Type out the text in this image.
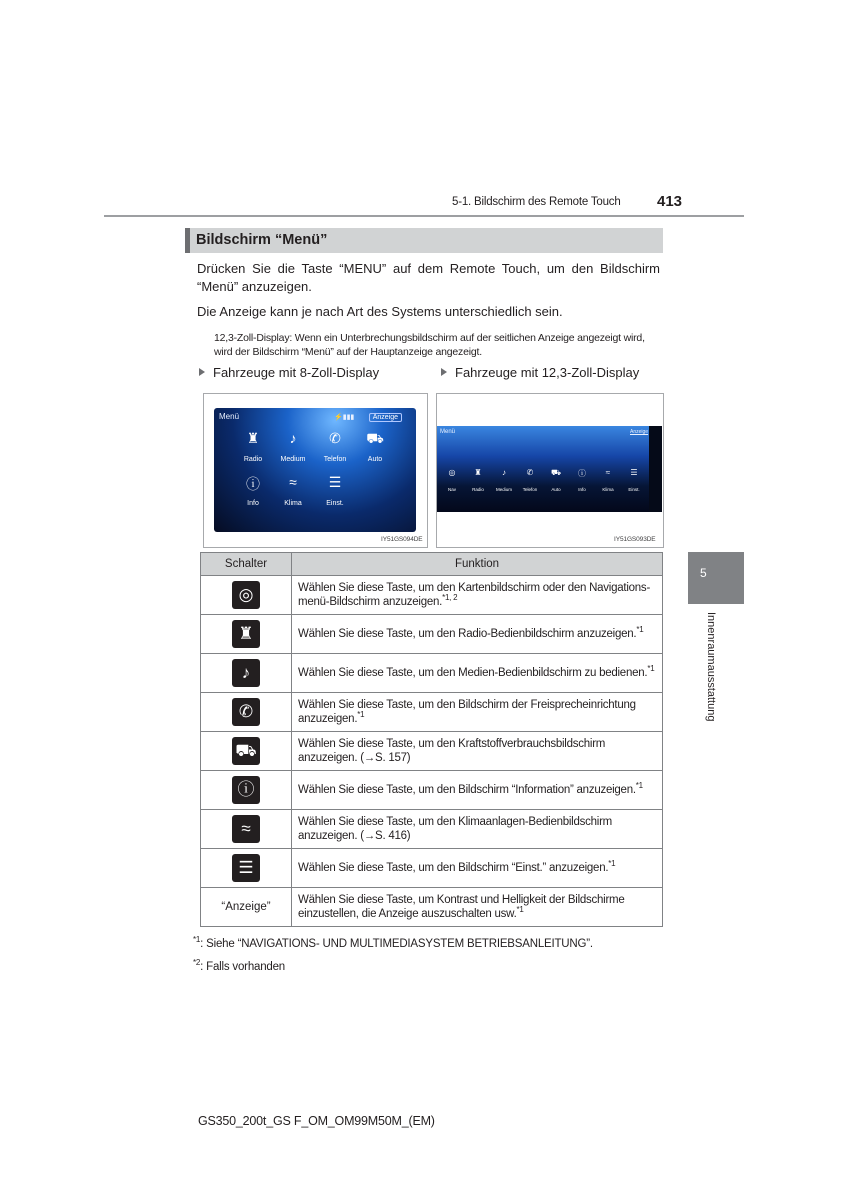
5-1. Bildschirm des Remote Touch 413
Bildschirm “Menü”
Drücken Sie die Taste “MENU” auf dem Remote Touch, um den Bildschirm “Menü” anzuzeigen.
Die Anzeige kann je nach Art des Systems unterschiedlich sein.
12,3-Zoll-Display: Wenn ein Unterbrechungsbildschirm auf der seitlichen Anzeige angezeigt wird, wird der Bildschirm “Menü” auf der Hauptanzeige angezeigt.
Fahrzeuge mit 8-Zoll-Display	Fahrzeuge mit 12,3-Zoll-Display
Menü	⚡▮▮▮	Anzeige
♜	♪	✆	⛟
Radio	Medium	Telefon	Auto
ⓘ	≈	☰
Info	Klima	Einst.
IY51GS094DE
Menü	Anzeige
◎	♜	♪	✆	⛟	ⓘ	≈	☰
Nav	Radio	Medium	Telefon	Auto	Info	Klima	Einst.
IY51GS093DE
Schalter	Funktion
◎	Wählen Sie diese Taste, um den Kartenbildschirm oder den Navigationsmenü-Bildschirm anzuzeigen.$^{*1, 2}$
♜	Wählen Sie diese Taste, um den Radio-Bedienbildschirm anzuzeigen.$^{*1}$
♪	Wählen Sie diese Taste, um den Medien-Bedienbildschirm zu bedienen.$^{*1}$
✆	Wählen Sie diese Taste, um den Bildschirm der Freisprecheinrichtung anzuzeigen.$^{*1}$
⛟	Wählen Sie diese Taste, um den Kraftstoffverbrauchsbildschirm anzuzeigen. (→S. 157)
ⓘ	Wählen Sie diese Taste, um den Bildschirm “Information” anzuzeigen.$^{*1}$
≈	Wählen Sie diese Taste, um den Klimaanlagen-Bedienbildschirm anzuzeigen. (→S. 416)
☰	Wählen Sie diese Taste, um den Bildschirm “Einst.” anzuzeigen.$^{*1}$
“Anzeige”	Wählen Sie diese Taste, um Kontrast und Helligkeit der Bildschirme einzustellen, die Anzeige auszuschalten usw.$^{*1}$
$^{*1}$: Siehe “NAVIGATIONS- UND MULTIMEDIASYSTEM BETRIEBSANLEITUNG”.
$^{*2}$: Falls vorhanden
5
Innenraumausstattung
GS350_200t_GS F_OM_OM99M50M_(EM)
